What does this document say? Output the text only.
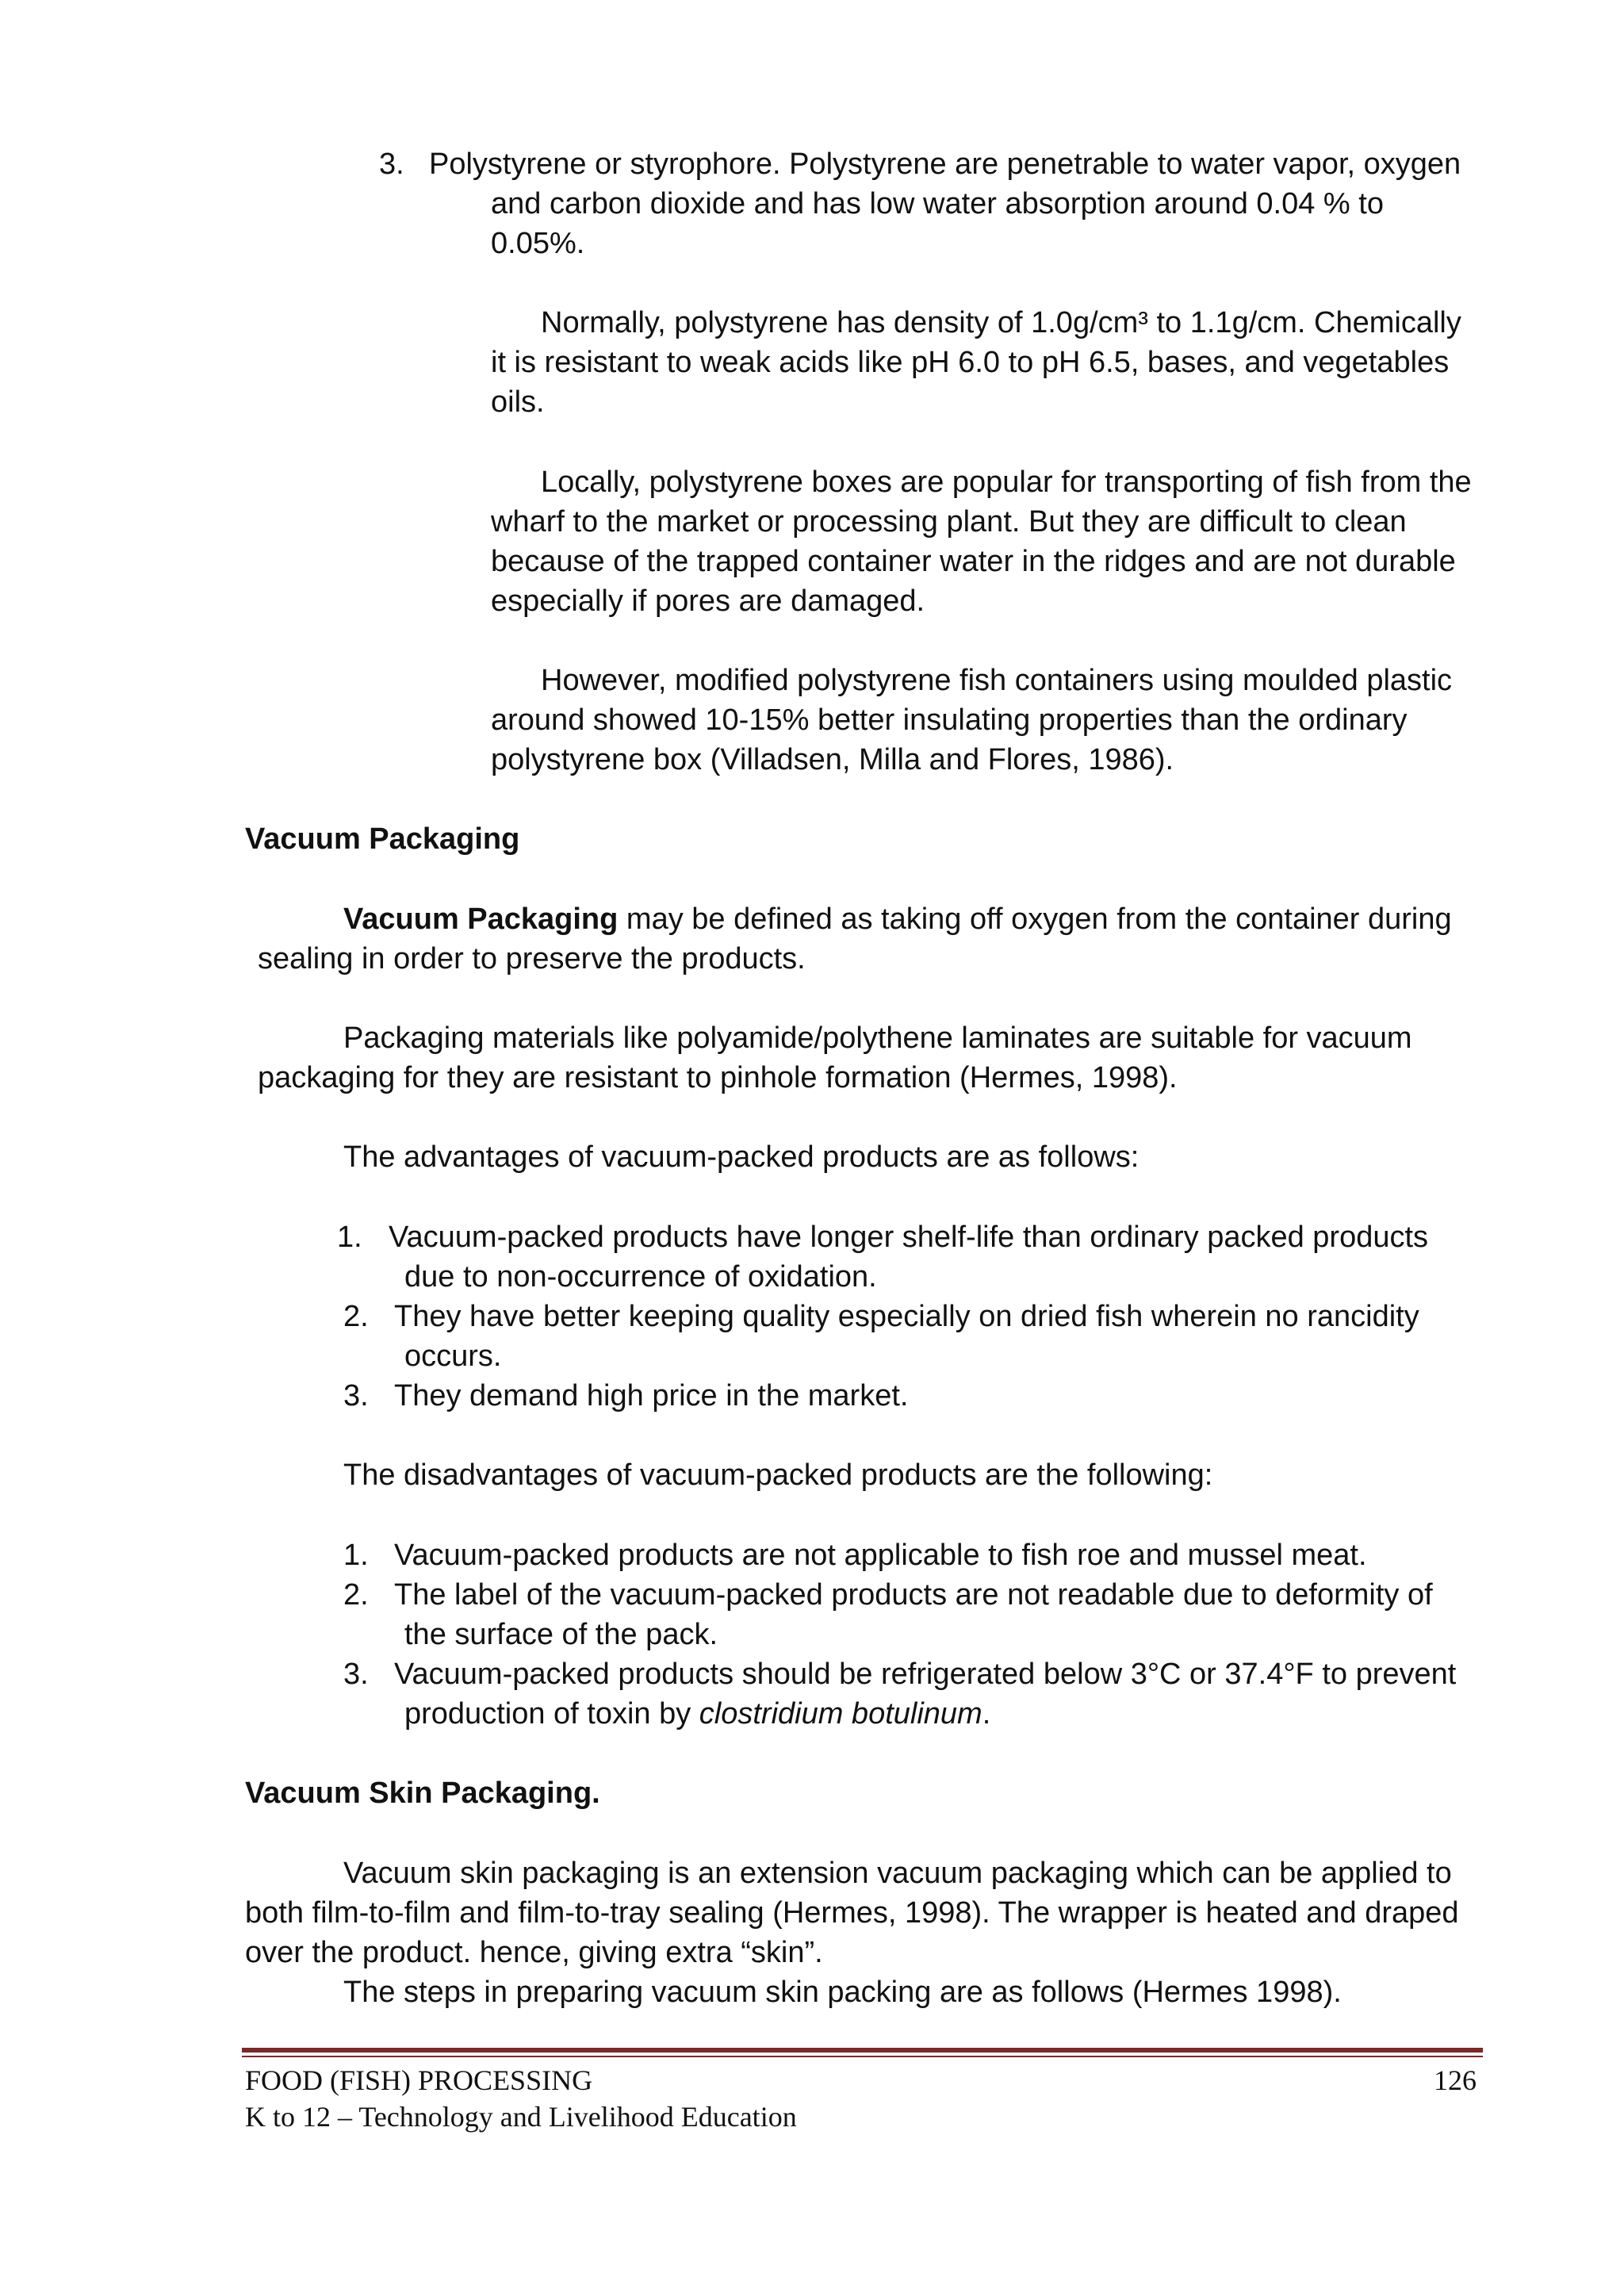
3. Polystyrene or styrophore. Polystyrene are penetrable to water vapor, oxygen
and carbon dioxide and has low water absorption around 0.04 % to
0.05%.
Normally, polystyrene has density of 1.0g/cm³ to 1.1g/cm. Chemically
it is resistant to weak acids like pH 6.0 to pH 6.5, bases, and vegetables
oils.
Locally, polystyrene boxes are popular for transporting of fish from the
wharf to the market or processing plant. But they are difficult to clean
because of the trapped container water in the ridges and are not durable
especially if pores are damaged.
However, modified polystyrene fish containers using moulded plastic
around showed 10-15% better insulating properties than the ordinary
polystyrene box (Villadsen, Milla and Flores, 1986).
Vacuum Packaging
Vacuum Packaging may be defined as taking off oxygen from the container during
sealing in order to preserve the products.
Packaging materials like polyamide/polythene laminates are suitable for vacuum
packaging for they are resistant to pinhole formation (Hermes, 1998).
The advantages of vacuum-packed products are as follows:
1. Vacuum-packed products have longer shelf-life than ordinary packed products
due to non-occurrence of oxidation.
2. They have better keeping quality especially on dried fish wherein no rancidity
occurs.
3. They demand high price in the market.
The disadvantages of vacuum-packed products are the following:
1. Vacuum-packed products are not applicable to fish roe and mussel meat.
2. The label of the vacuum-packed products are not readable due to deformity of
the surface of the pack.
3. Vacuum-packed products should be refrigerated below 3°C or 37.4°F to prevent
production of toxin by clostridium botulinum.
Vacuum Skin Packaging.
Vacuum skin packaging is an extension vacuum packaging which can be applied to
both film-to-film and film-to-tray sealing (Hermes, 1998). The wrapper is heated and draped
over the product. hence, giving extra “skin”.
The steps in preparing vacuum skin packing are as follows (Hermes 1998).
FOOD (FISH) PROCESSING	126
K to 12 – Technology and Livelihood Education
